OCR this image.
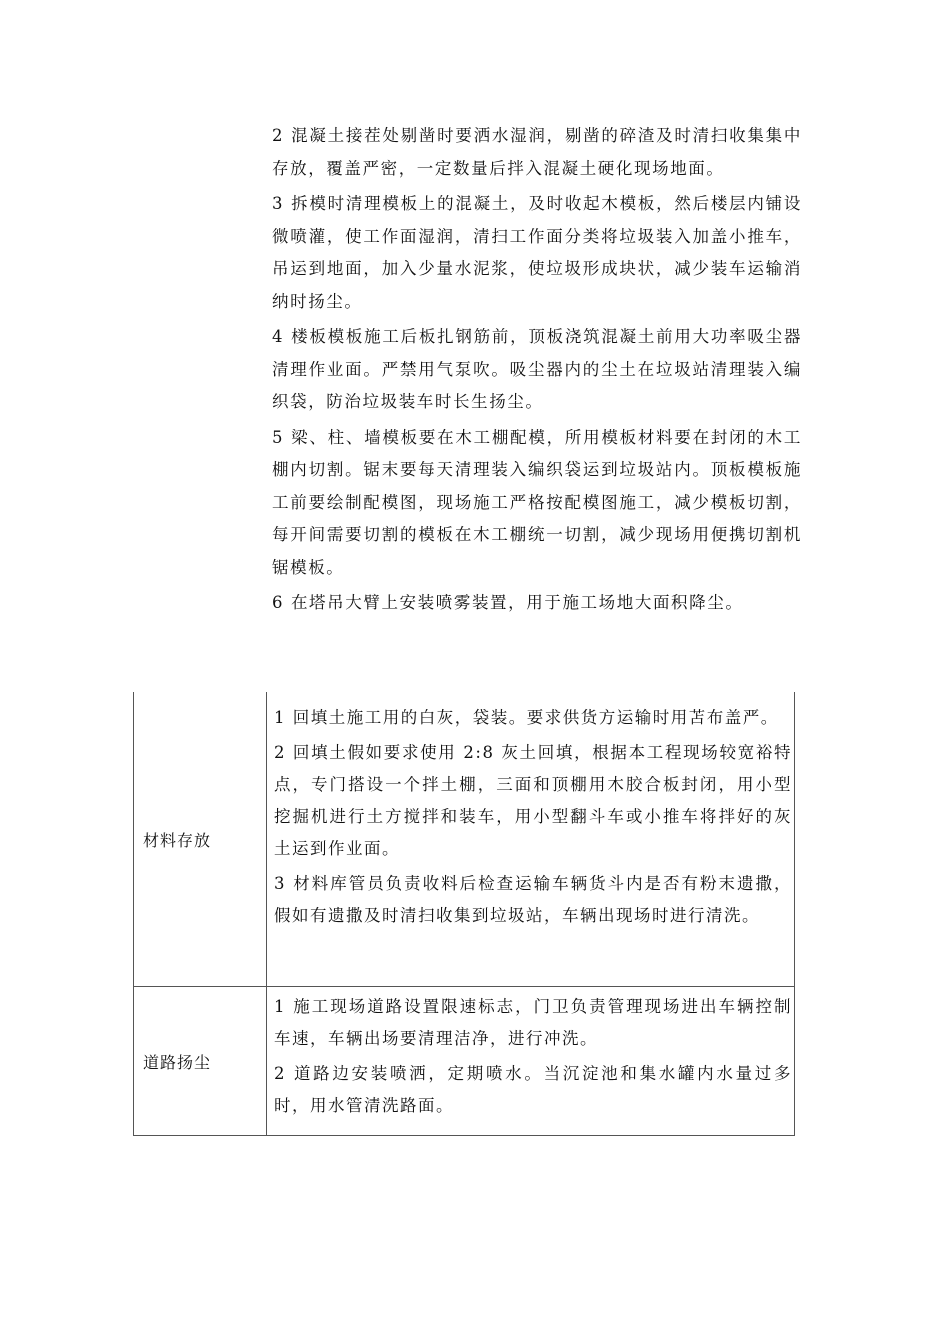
2 混凝土接茬处剔凿时要洒水湿润，剔凿的碎渣及时清扫收集集中存放，覆盖严密，一定数量后拌入混凝土硬化现场地面。

3 拆模时清理模板上的混凝土，及时收起木模板，然后楼层内铺设微喷灌，使工作面湿润，清扫工作面分类将垃圾装入加盖小推车，吊运到地面，加入少量水泥浆，使垃圾形成块状，减少装车运输消纳时扬尘。

4 楼板模板施工后板扎钢筋前，顶板浇筑混凝土前用大功率吸尘器清理作业面。严禁用气泵吹。吸尘器内的尘土在垃圾站清理装入编织袋，防治垃圾装车时长生扬尘。

5 梁、柱、墙模板要在木工棚配模，所用模板材料要在封闭的木工棚内切割。锯末要每天清理装入编织袋运到垃圾站内。顶板模板施工前要绘制配模图，现场施工严格按配模图施工，减少模板切割，每开间需要切割的模板在木工棚统一切割，减少现场用便携切割机锯模板。

6 在塔吊大臂上安装喷雾装置，用于施工场地大面积降尘。

材料存放

1 回填土施工用的白灰，袋装。要求供货方运输时用苫布盖严。

2 回填土假如要求使用 2:8 灰土回填，根据本工程现场较宽裕特点，专门搭设一个拌土棚，三面和顶棚用木胶合板封闭，用小型挖掘机进行土方搅拌和装车，用小型翻斗车或小推车将拌好的灰土运到作业面。

3 材料库管员负责收料后检查运输车辆货斗内是否有粉末遗撒，假如有遗撒及时清扫收集到垃圾站，车辆出现场时进行清洗。

道路扬尘

1 施工现场道路设置限速标志，门卫负责管理现场进出车辆控制车速，车辆出场要清理洁净，进行冲洗。

2 道路边安装喷洒，定期喷水。当沉淀池和集水罐内水量过多时，用水管清洗路面。
